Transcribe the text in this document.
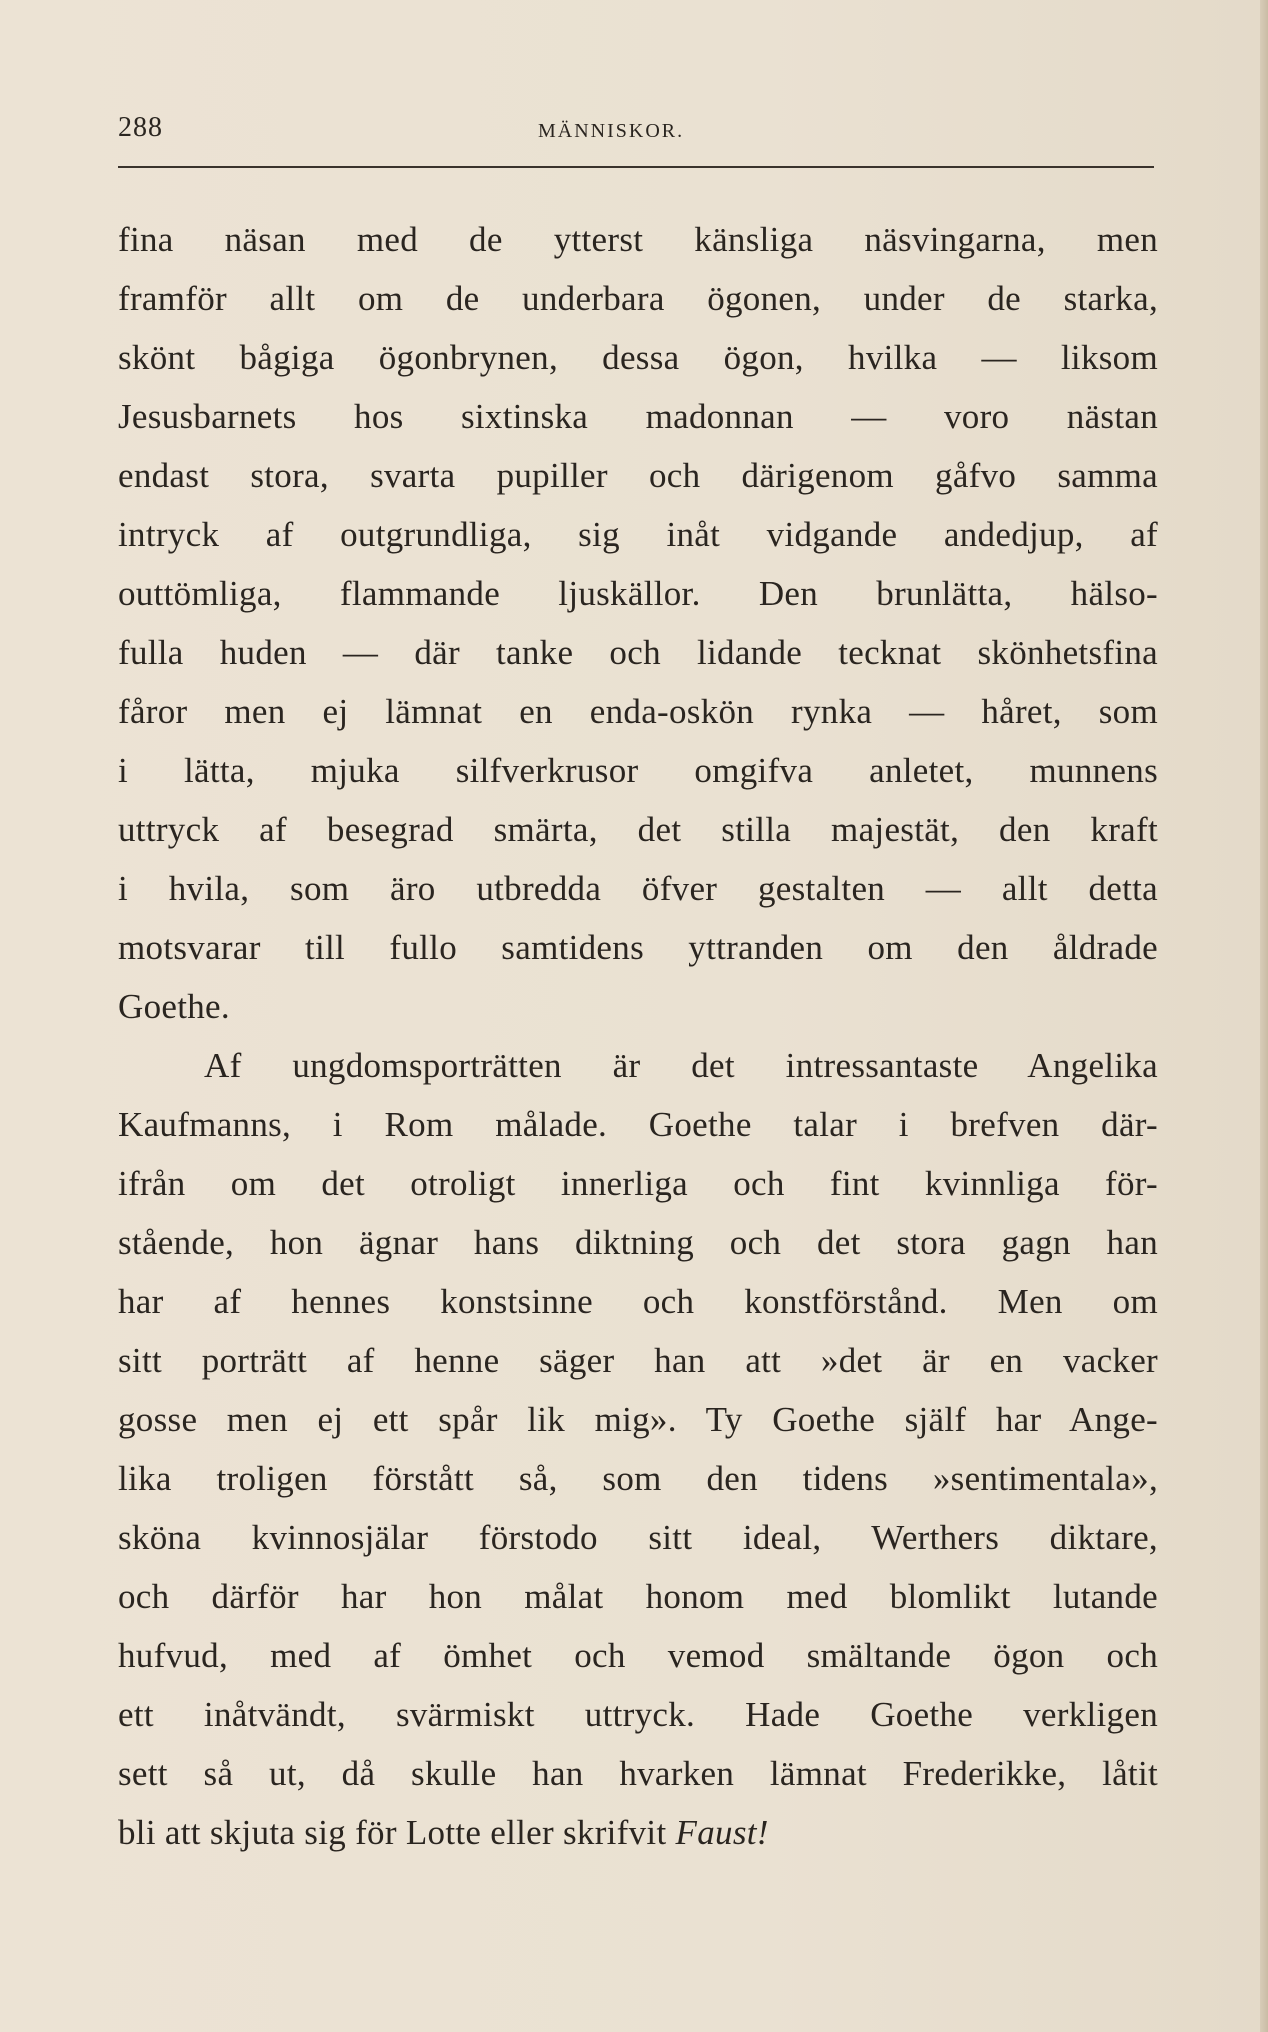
288	MÄNNISKOR.
fina näsan med de ytterst känsliga näsvingarna, men
framför allt om de underbara ögonen, under de starka,
skönt bågiga ögonbrynen, dessa ögon, hvilka — liksom
Jesusbarnets hos sixtinska madonnan — voro nästan
endast stora, svarta pupiller och därigenom gåfvo samma
intryck af outgrundliga, sig inåt vidgande andedjup, af
outtömliga, flammande ljuskällor. Den brunlätta, hälso-
fulla huden — där tanke och lidande tecknat skönhetsfina
fåror men ej lämnat en enda-oskön rynka — håret, som
i lätta, mjuka silfverkrusor omgifva anletet, munnens
uttryck af besegrad smärta, det stilla majestät, den kraft
i hvila, som äro utbredda öfver gestalten — allt detta
motsvarar till fullo samtidens yttranden om den åldrade
Goethe.
Af ungdomsporträtten är det intressantaste Angelika
Kaufmanns, i Rom målade. Goethe talar i brefven där-
ifrån om det otroligt innerliga och fint kvinnliga för-
stående, hon ägnar hans diktning och det stora gagn han
har af hennes konstsinne och konstförstånd. Men om
sitt porträtt af henne säger han att »det är en vacker
gosse men ej ett spår lik mig». Ty Goethe själf har Ange-
lika troligen förstått så, som den tidens »sentimentala»,
sköna kvinnosjälar förstodo sitt ideal, Werthers diktare,
och därför har hon målat honom med blomlikt lutande
hufvud, med af ömhet och vemod smältande ögon och
ett inåtvändt, svärmiskt uttryck. Hade Goethe verkligen
sett så ut, då skulle han hvarken lämnat Frederikke, låtit
bli att skjuta sig för Lotte eller skrifvit Faust!
